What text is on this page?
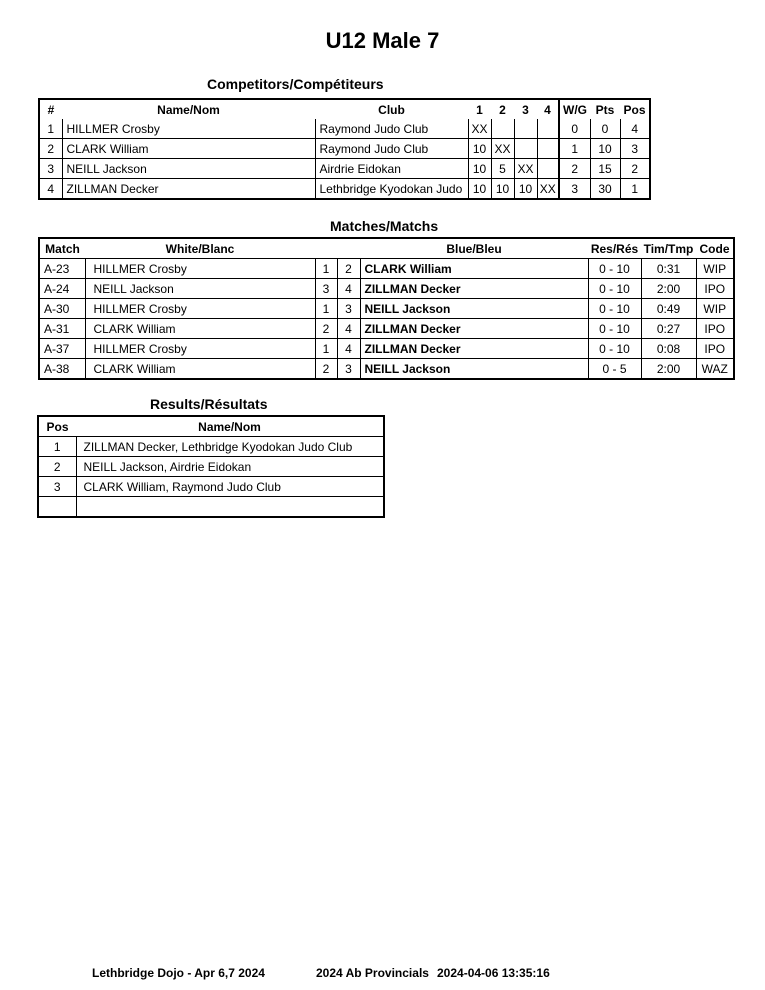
U12 Male 7
Competitors/Compétiteurs
#	Name/Nom	Club	1	2	3	4	W/G	Pts	Pos
1	HILLMER Crosby	Raymond Judo Club	XX				0	0	4
2	CLARK William	Raymond Judo Club	10	XX			1	10	3
3	NEILL Jackson	Airdrie Eidokan	10	5	XX		2	15	2
4	ZILLMAN Decker	Lethbridge Kyodokan Judo	10	10	10	XX	3	30	1
Matches/Matchs
Match	White/Blanc			Blue/Bleu	Res/Rés	Tim/Tmp	Code
A-23	HILLMER Crosby	1	2	CLARK William	0 - 10	0:31	WIP
A-24	NEILL Jackson	3	4	ZILLMAN Decker	0 - 10	2:00	IPO
A-30	HILLMER Crosby	1	3	NEILL Jackson	0 - 10	0:49	WIP
A-31	CLARK William	2	4	ZILLMAN Decker	0 - 10	0:27	IPO
A-37	HILLMER Crosby	1	4	ZILLMAN Decker	0 - 10	0:08	IPO
A-38	CLARK William	2	3	NEILL Jackson	0 - 5	2:00	WAZ
Results/Résultats
Pos	Name/Nom
1	ZILLMAN Decker, Lethbridge Kyodokan Judo Club
2	NEILL Jackson, Airdrie Eidokan
3	CLARK William, Raymond Judo Club

Lethbridge Dojo - Apr 6,7 2024	2024 Ab Provincials 2024-04-06 13:35:16
